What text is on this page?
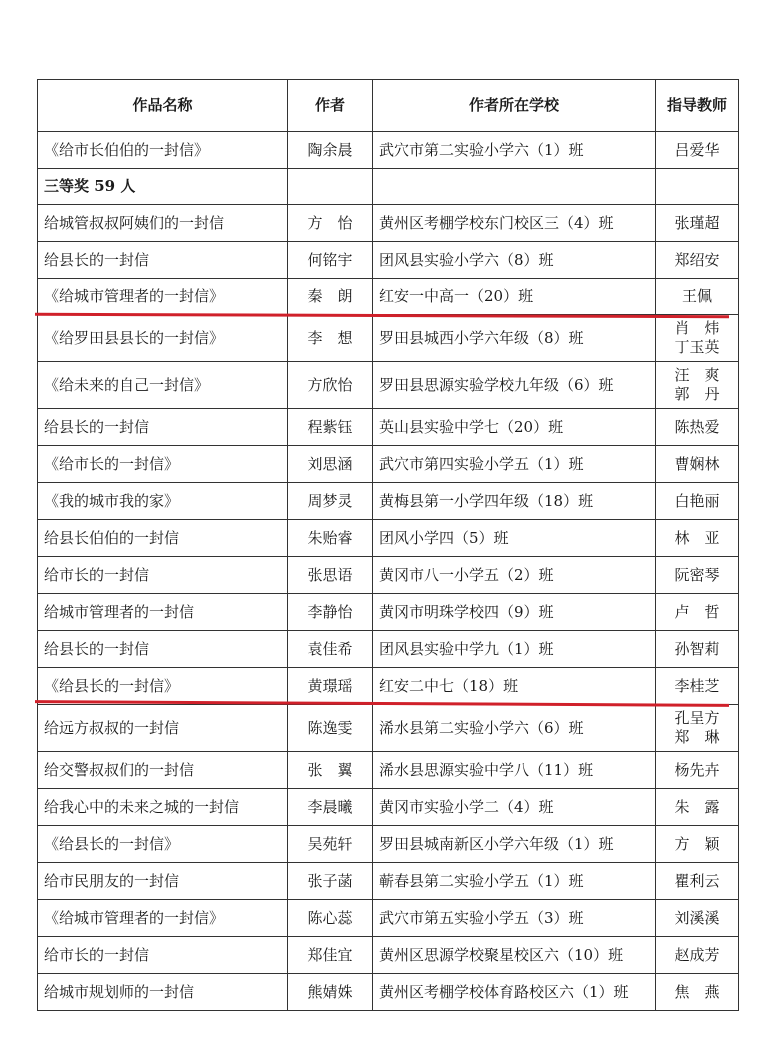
作品名称	作者	作者所在学校	指导教师
《给市长伯伯的一封信》	陶余晨	武穴市第二实验小学六（1）班	吕爱华

三等奖 59 人			
给城管叔叔阿姨们的一封信	方　怡	黄州区考棚学校东门校区三（4）班	张瑾超

给县长的一封信	何铭宇	团风县实验小学六（8）班	郑绍安

《给城市管理者的一封信》	秦　朗	红安一中高一（20）班	王佩

《给罗田县县长的一封信》	李　想	罗田县城西小学六年级（8）班	肖　炜
丁玉英

《给未来的自己一封信》	方欣怡	罗田县思源实验学校九年级（6）班	汪　爽
郭　丹

给县长的一封信	程紫钰	英山县实验中学七（20）班	陈热爱

《给市长的一封信》	刘思涵	武穴市第四实验小学五（1）班	曹娴林

《我的城市我的家》	周梦灵	黄梅县第一小学四年级（18）班	白艳丽

给县长伯伯的一封信	朱贻睿	团风小学四（5）班	林　亚

给市长的一封信	张思语	黄冈市八一小学五（2）班	阮密琴

给城市管理者的一封信	李静怡	黄冈市明珠学校四（9）班	卢　哲

给县长的一封信	袁佳希	团风县实验中学九（1）班	孙智莉

《给县长的一封信》	黄璟瑶	红安二中七（18）班	李桂芝

给远方叔叔的一封信	陈逸雯	浠水县第二实验小学六（6）班	孔呈方
郑　琳

给交警叔叔们的一封信	张　翼	浠水县思源实验中学八（11）班	杨先卉

给我心中的未来之城的一封信	李晨曦	黄冈市实验小学二（4）班	朱　露

《给县长的一封信》	吴苑轩	罗田县城南新区小学六年级（1）班	方　颖

给市民朋友的一封信	张子菡	蕲春县第二实验小学五（1）班	瞿利云

《给城市管理者的一封信》	陈心蕊	武穴市第五实验小学五（3）班	刘溪溪

给市长的一封信	郑佳宜	黄州区思源学校聚星校区六（10）班	赵成芳

给城市规划师的一封信	熊婧姝	黄州区考棚学校体育路校区六（1）班	焦　燕
